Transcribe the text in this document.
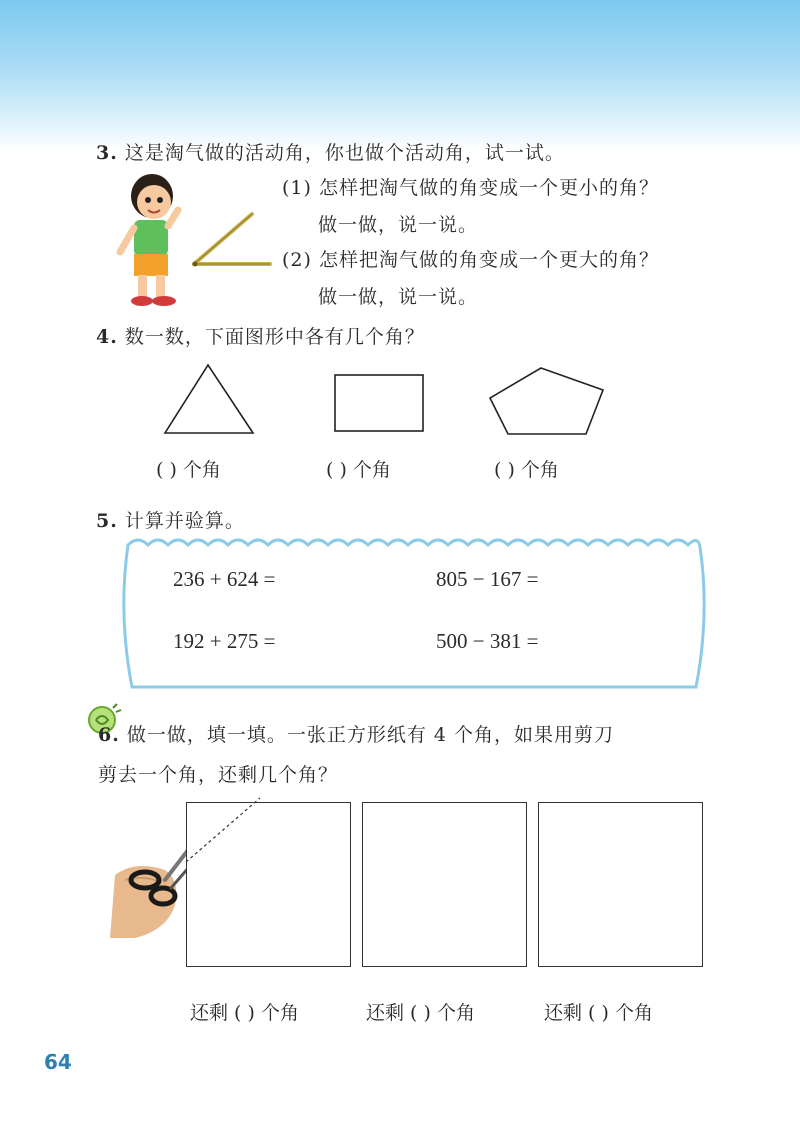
3. 这是淘气做的活动角，你也做个活动角，试一试。
(1) 怎样把淘气做的角变成一个更小的角？
做一做，说一说。
(2) 怎样把淘气做的角变成一个更大的角？
做一做，说一说。
4. 数一数，下面图形中各有几个角？
( ) 个角	( ) 个角	( ) 个角
5. 计算并验算。
236 + 624 =	805 − 167 =
192 + 275 =	500 − 381 =
6. 做一做，填一填。一张正方形纸有 4 个角，如果用剪刀
剪去一个角，还剩几个角？
还剩 ( ) 个角	还剩 ( ) 个角	还剩 ( ) 个角
64
